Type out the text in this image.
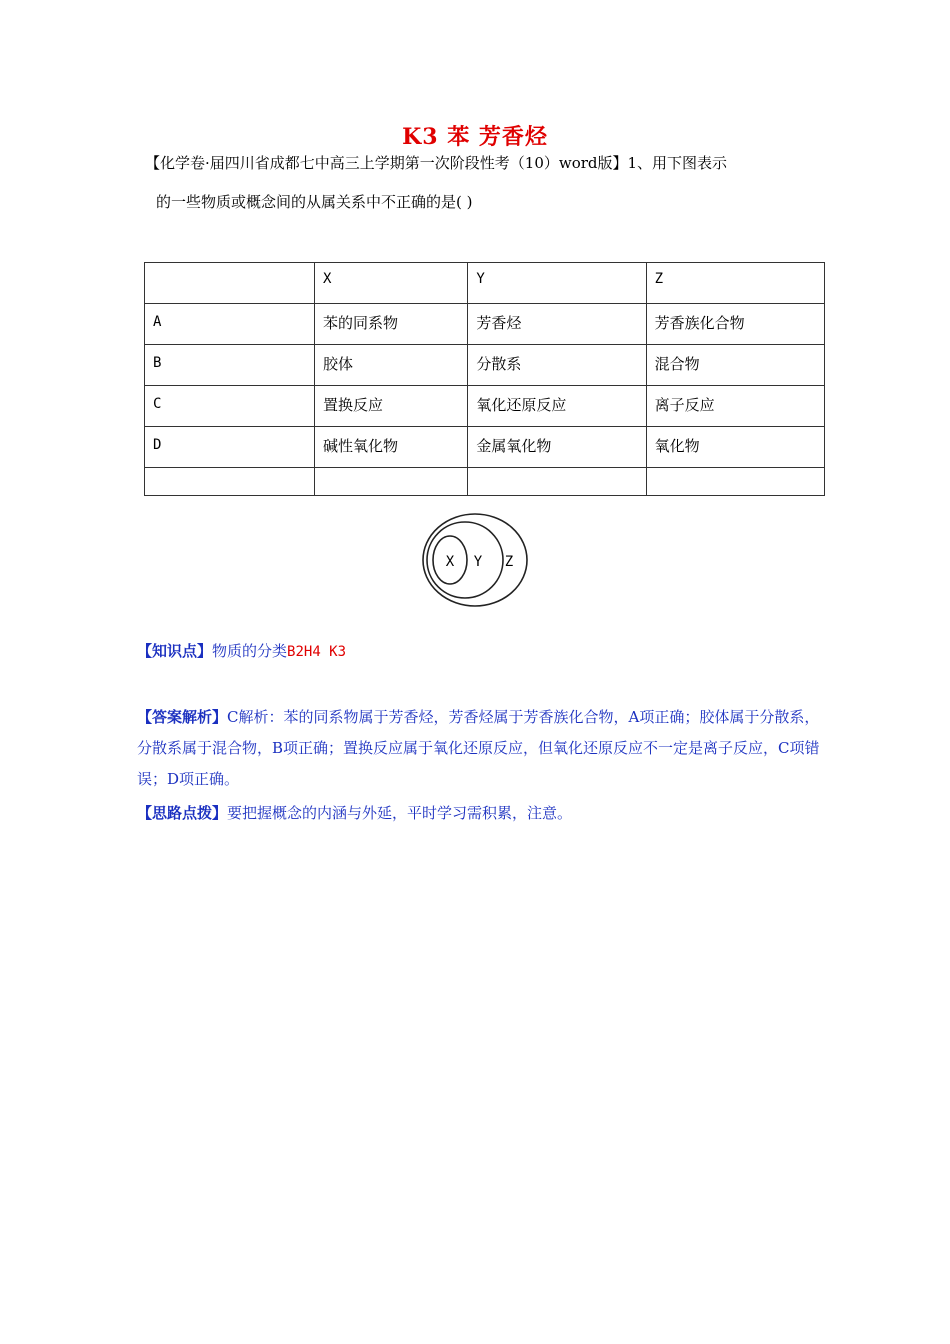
K3 苯 芳香烃
【化学卷·届四川省成都七中高三上学期第一次阶段性考（10）word版】1、用下图表示
的一些物质或概念间的从属关系中不正确的是( )
	X	Y	Z
A	苯的同系物	芳香烃	芳香族化合物
B	胶体	分散系	混合物
C	置换反应	氧化还原反应	离子反应
D	碱性氧化物	金属氧化物	氧化物

X Y Z
【知识点】物质的分类B2H4 K3
【答案解析】C解析：苯的同系物属于芳香烃，芳香烃属于芳香族化合物，A项正确；胶体属于分散系，分散系属于混合物，B项正确；置换反应属于氧化还原反应，但氧化还原反应不一定是离子反应，C项错误；D项正确。
【思路点拨】要把握概念的内涵与外延，平时学习需积累，注意。
